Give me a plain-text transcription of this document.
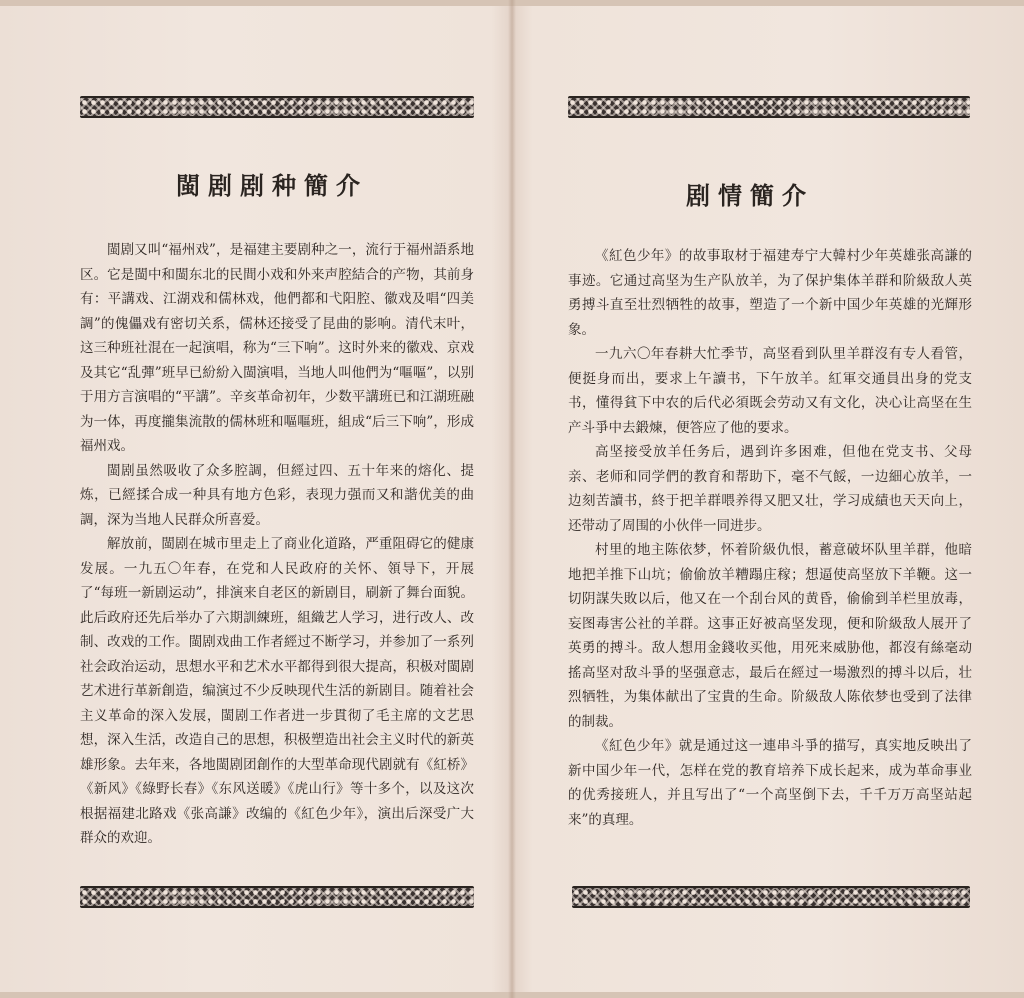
閩剧剧种簡介

閩剧又叫“福州戏”，是福建主要剧种之一，流行于福州語系地区。它是閩中和閩东北的民間小戏和外来声腔結合的产物，其前身有：平講戏、江湖戏和儒林戏，他們都和弋阳腔、徽戏及唱“四美調”的傀儡戏有密切关系，儒林还接受了昆曲的影响。清代末叶，这三种班社混在一起演唱，称为“三下响”。这时外来的徽戏、京戏及其它“乱彈”班早已紛紛入閩演唱，当地人叫他們为“嘔嘔”，以别于用方言演唱的“平講”。辛亥革命初年，少数平講班已和江湖班融为一体，再度攏集流散的儒林班和嘔嘔班，組成“后三下响”，形成福州戏。

閩剧虽然吸收了众多腔調，但經过四、五十年来的熔化、提炼，已經揉合成一种具有地方色彩，表现力强而又和諧优美的曲調，深为当地人民群众所喜爱。

解放前，閩剧在城市里走上了商业化道路，严重阻碍它的健康发展。一九五〇年春，在党和人民政府的关怀、領导下，开展了“每班一新剧运动”，排演来自老区的新剧目，刷新了舞台面貌。此后政府还先后举办了六期訓練班，組織艺人学习，进行改人、改制、改戏的工作。閩剧戏曲工作者經过不断学习，并参加了一系列社会政治运动，思想水平和艺术水平都得到很大提高，积极对閩剧艺术进行革新創造，编演过不少反映现代生活的新剧目。随着社会主义革命的深入发展，閩剧工作者进一步貫彻了毛主席的文艺思想，深入生活，改造自己的思想，积极塑造出社会主义时代的新英雄形象。去年来，各地閩剧团創作的大型革命现代剧就有《紅桥》《新风》《綠野长春》《东风送暖》《虎山行》等十多个，以及这次根据福建北路戏《张高謙》改编的《紅色少年》，演出后深受广大群众的欢迎。

剧情簡介

《紅色少年》的故事取材于福建寿宁大韓村少年英雄张高謙的事迹。它通过高坚为生产队放羊，为了保护集体羊群和阶級敌人英勇搏斗直至壮烈牺牲的故事，塑造了一个新中国少年英雄的光輝形象。

一九六〇年春耕大忙季节，高坚看到队里羊群沒有专人看管，便挺身而出，要求上午讀书，下午放羊。紅軍交通員出身的党支书，懂得貧下中农的后代必須既会劳动又有文化，决心让高坚在生产斗爭中去鍛煉，便答应了他的要求。

高坚接受放羊任务后，遇到许多困难，但他在党支书、父母亲、老师和同学們的教育和帮助下，毫不气餒，一边細心放羊，一边刻苦讀书，終于把羊群喂养得又肥又壮，学习成績也天天向上，还带动了周围的小伙伴一同进步。

村里的地主陈依梦，怀着阶級仇恨，蓄意破坏队里羊群，他暗地把羊推下山坑；偷偷放羊糟蹋庄稼；想逼使高坚放下羊鞭。这一切阴謀失敗以后，他又在一个刮台风的黄昏，偷偷到羊栏里放毒，妄图毒害公社的羊群。这事正好被高坚发现，便和阶級敌人展开了英勇的搏斗。敌人想用金錢收买他，用死来威胁他，都沒有絲毫动搖高坚对敌斗爭的坚强意志，最后在經过一場激烈的搏斗以后，壮烈牺牲，为集体献出了宝貴的生命。阶級敌人陈依梦也受到了法律的制裁。

《紅色少年》就是通过这一連串斗爭的描写，真实地反映出了新中国少年一代，怎样在党的教育培养下成长起来，成为革命事业的优秀接班人，并且写出了“一个高坚倒下去，千千万万高坚站起来”的真理。
